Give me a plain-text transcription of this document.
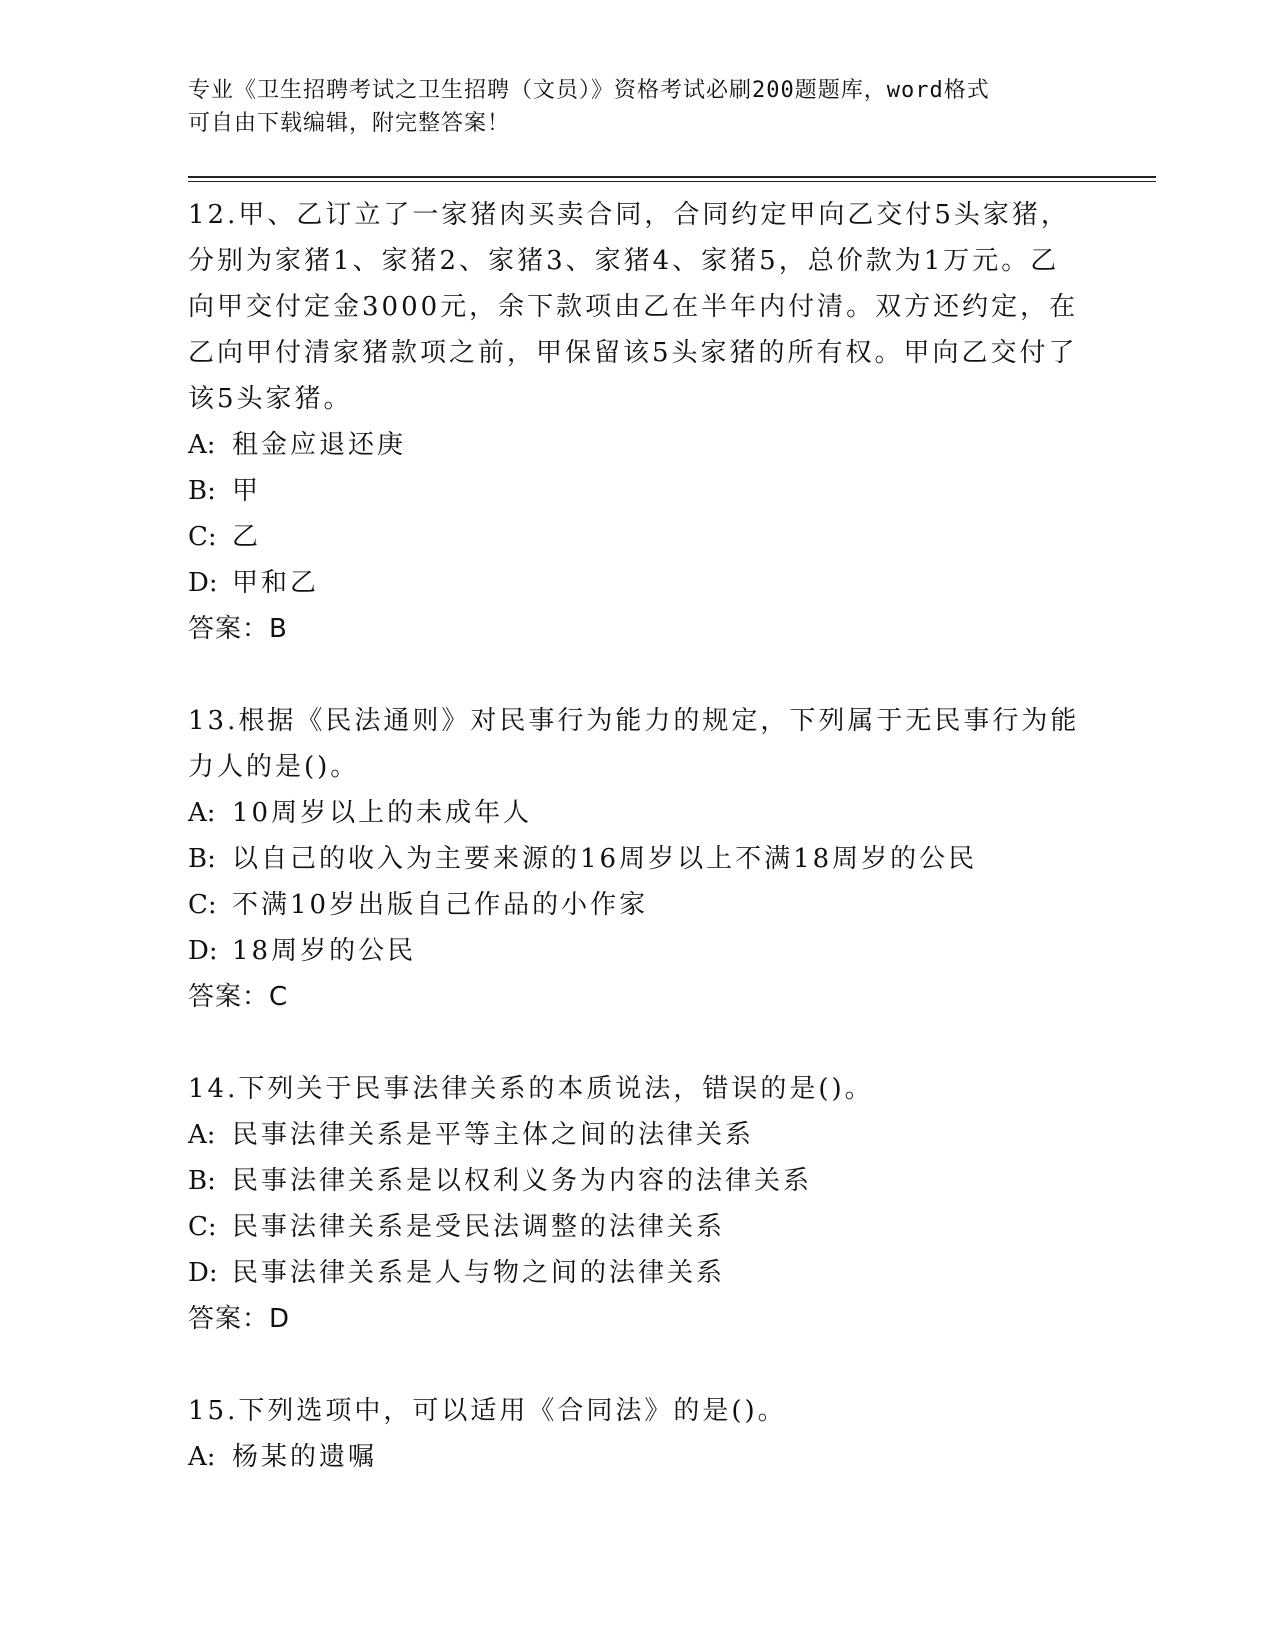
专业《卫生招聘考试之卫生招聘（文员）》资格考试必刷200题题库，word格式
可自由下载编辑，附完整答案！

12.甲、乙订立了一家猪肉买卖合同，合同约定甲向乙交付5头家猪，分别为家猪1、家猪2、家猪3、家猪4、家猪5，总价款为1万元。乙向甲交付定金3000元，余下款项由乙在半年内付清。双方还约定，在乙向甲付清家猪款项之前，甲保留该5头家猪的所有权。甲向乙交付了该5头家猪。

A: 租金应退还庚

B: 甲

C: 乙

D: 甲和乙

答案：B

13.根据《民法通则》对民事行为能力的规定，下列属于无民事行为能力人的是()。

A: 10周岁以上的未成年人

B: 以自己的收入为主要来源的16周岁以上不满18周岁的公民

C: 不满10岁出版自己作品的小作家

D: 18周岁的公民

答案：C

14.下列关于民事法律关系的本质说法，错误的是()。

A: 民事法律关系是平等主体之间的法律关系

B: 民事法律关系是以权利义务为内容的法律关系

C: 民事法律关系是受民法调整的法律关系

D: 民事法律关系是人与物之间的法律关系

答案：D

15.下列选项中，可以适用《合同法》的是()。

A: 杨某的遗嘱
